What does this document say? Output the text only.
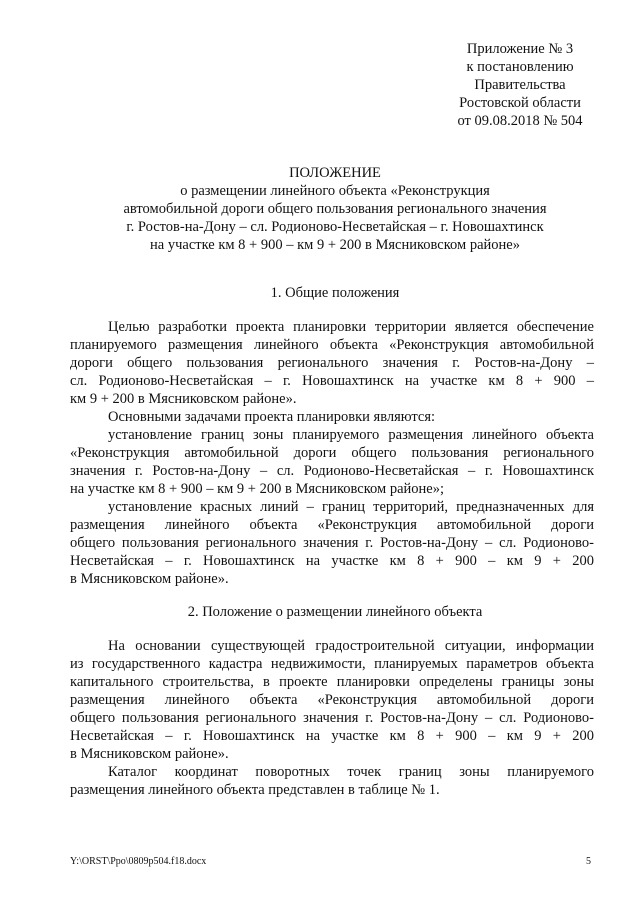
Приложение № 3
к постановлению
Правительства
Ростовской области
от 09.08.2018 № 504
ПОЛОЖЕНИЕ
о размещении линейного объекта «Реконструкция
автомобильной дороги общего пользования регионального значения
г. Ростов-на-Дону – сл. Родионово-Несветайская – г. Новошахтинск
на участке км 8 + 900 – км 9 + 200 в Мясниковском районе»
1. Общие положения
Целью разработки проекта планировки территории является обеспечение
планируемого размещения линейного объекта «Реконструкция автомобильной
дороги общего пользования регионального значения г. Ростов-на-Дону –
сл. Родионово-Несветайская – г. Новошахтинск на участке км 8 + 900 –
км 9 + 200 в Мясниковском районе».
Основными задачами проекта планировки являются:
установление границ зоны планируемого размещения линейного объекта
«Реконструкция автомобильной дороги общего пользования регионального
значения г. Ростов-на-Дону – сл. Родионово-Несветайская – г. Новошахтинск
на участке км 8 + 900 – км 9 + 200 в Мясниковском районе»;
установление красных линий – границ территорий, предназначенных для
размещения линейного объекта «Реконструкция автомобильной дороги
общего пользования регионального значения г. Ростов-на-Дону – сл. Родионово-
Несветайская – г. Новошахтинск на участке км 8 + 900 – км 9 + 200
в Мясниковском районе».
2. Положение о размещении линейного объекта
На основании существующей градостроительной ситуации, информации
из государственного кадастра недвижимости, планируемых параметров объекта
капитального строительства, в проекте планировки определены границы зоны
размещения линейного объекта «Реконструкция автомобильной дороги
общего пользования регионального значения г. Ростов-на-Дону – сл. Родионово-
Несветайская – г. Новошахтинск на участке км 8 + 900 – км 9 + 200
в Мясниковском районе».
Каталог координат поворотных точек границ зоны планируемого
размещения линейного объекта представлен в таблице № 1.
Y:\ORST\Ppo\0809p504.f18.docx	5
